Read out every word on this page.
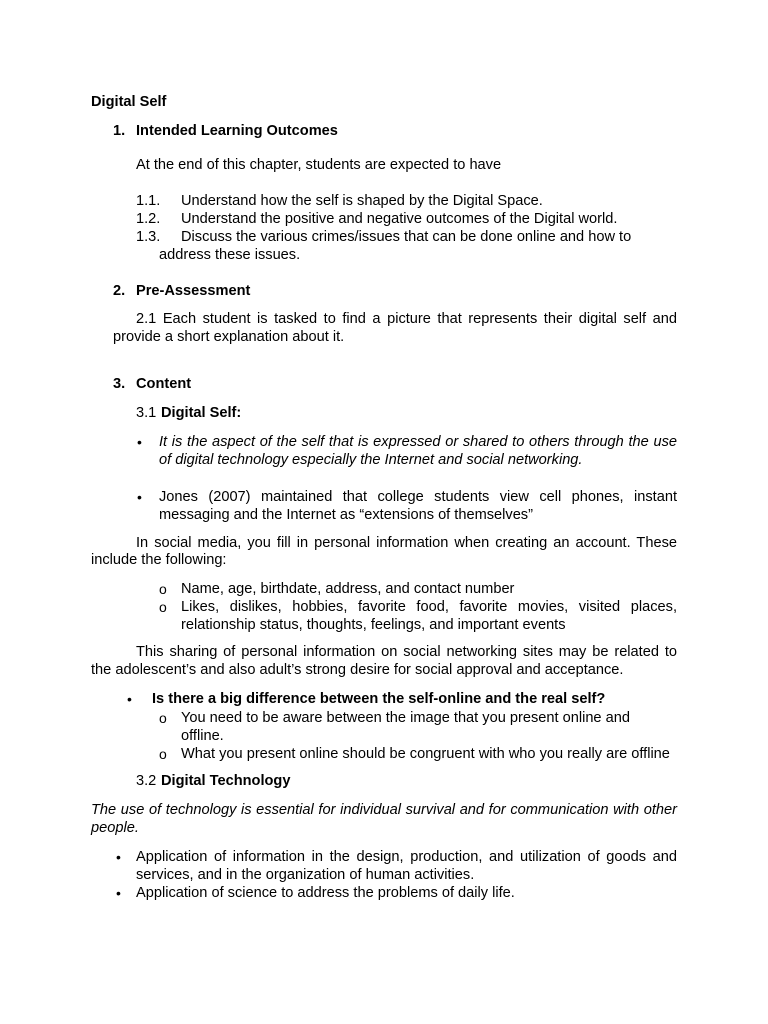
Digital Self
1. Intended Learning Outcomes
At the end of this chapter, students are expected to have
1.1. Understand how the self is shaped by the Digital Space.
1.2. Understand the positive and negative outcomes of the Digital world.
1.3. Discuss the various crimes/issues that can be done online and how to
address these issues.
2. Pre-Assessment
2.1 Each student is tasked to find a picture that represents their digital self and
provide a short explanation about it.
3. Content
3.1 Digital Self:
• It is the aspect of the self that is expressed or shared to others through the use
of digital technology especially the Internet and social networking.
• Jones (2007) maintained that college students view cell phones, instant
messaging and the Internet as “extensions of themselves”
In social media, you fill in personal information when creating an account. These
include the following:
o Name, age, birthdate, address, and contact number
o Likes, dislikes, hobbies, favorite food, favorite movies, visited places,
relationship status, thoughts, feelings, and important events
This sharing of personal information on social networking sites may be related to
the adolescent’s and also adult’s strong desire for social approval and acceptance.
• Is there a big difference between the self-online and the real self?
o You need to be aware between the image that you present online and
offline.
o What you present online should be congruent with who you really are offline
3.2 Digital Technology
The use of technology is essential for individual survival and for communication with other
people.
• Application of information in the design, production, and utilization of goods and
services, and in the organization of human activities.
• Application of science to address the problems of daily life.
